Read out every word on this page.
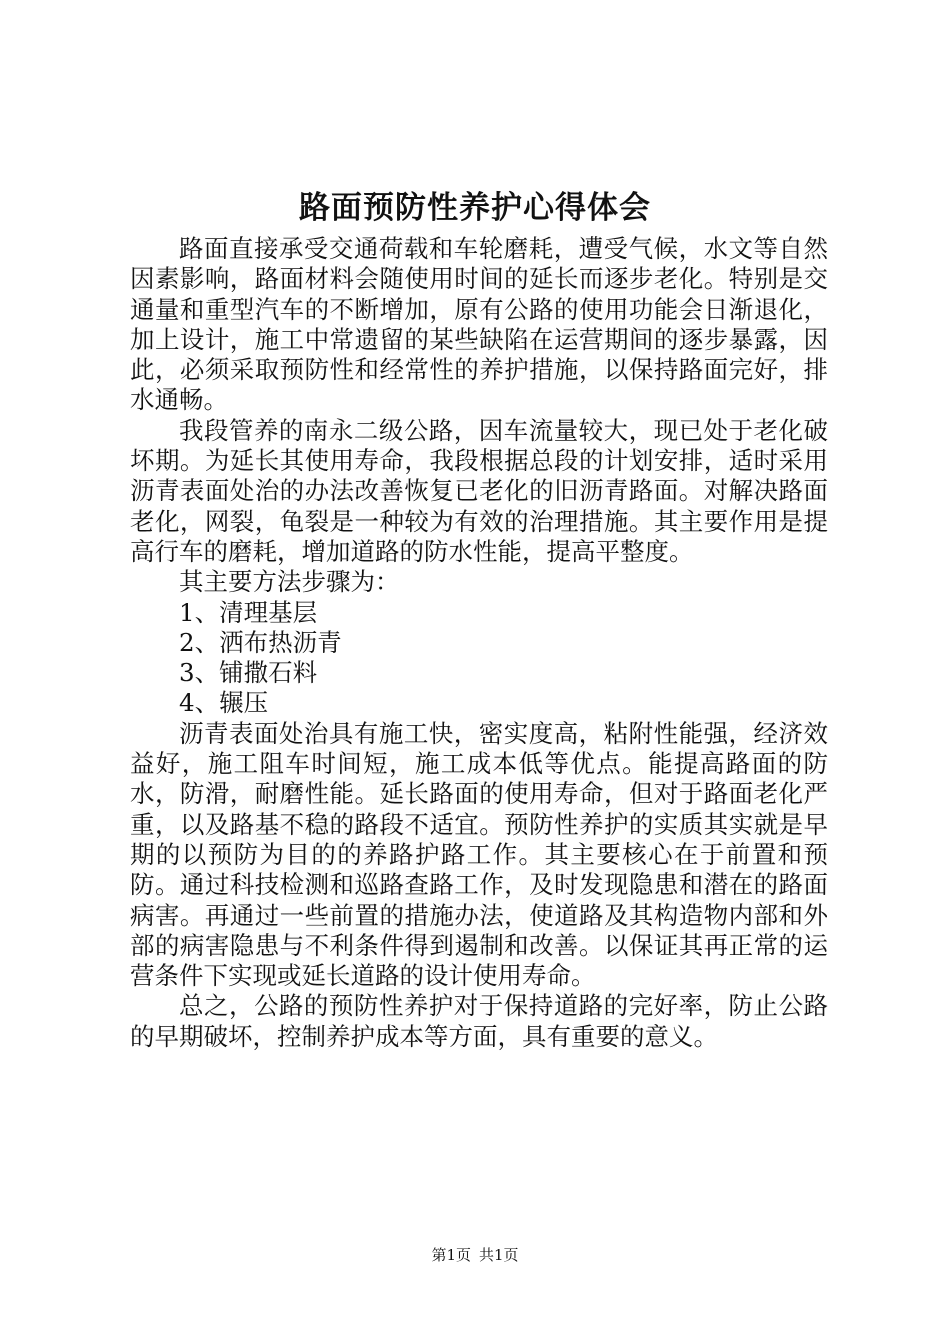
路面预防性养护心得体会

路面直接承受交通荷载和车轮磨耗，遭受气候，水文等自然因素影响，路面材料会随使用时间的延长而逐步老化。特别是交通量和重型汽车的不断增加，原有公路的使用功能会日渐退化，加上设计，施工中常遗留的某些缺陷在运营期间的逐步暴露，因此，必须采取预防性和经常性的养护措施，以保持路面完好，排水通畅。

我段管养的南永二级公路，因车流量较大，现已处于老化破坏期。为延长其使用寿命，我段根据总段的计划安排，适时采用沥青表面处治的办法改善恢复已老化的旧沥青路面。对解决路面老化，网裂，龟裂是一种较为有效的治理措施。其主要作用是提高行车的磨耗，增加道路的防水性能，提高平整度。

其主要方法步骤为：

1、清理基层

2、洒布热沥青

3、铺撒石料

4、辗压

沥青表面处治具有施工快，密实度高，粘附性能强，经济效益好，施工阻车时间短，施工成本低等优点。能提高路面的防水，防滑，耐磨性能。延长路面的使用寿命，但对于路面老化严重，以及路基不稳的路段不适宜。预防性养护的实质其实就是早期的以预防为目的的养路护路工作。其主要核心在于前置和预防。通过科技检测和巡路查路工作，及时发现隐患和潜在的路面病害。再通过一些前置的措施办法，使道路及其构造物内部和外部的病害隐患与不利条件得到遏制和改善。以保证其再正常的运营条件下实现或延长道路的设计使用寿命。

总之，公路的预防性养护对于保持道路的完好率，防止公路的早期破坏，控制养护成本等方面，具有重要的意义。

第1页 共1页
